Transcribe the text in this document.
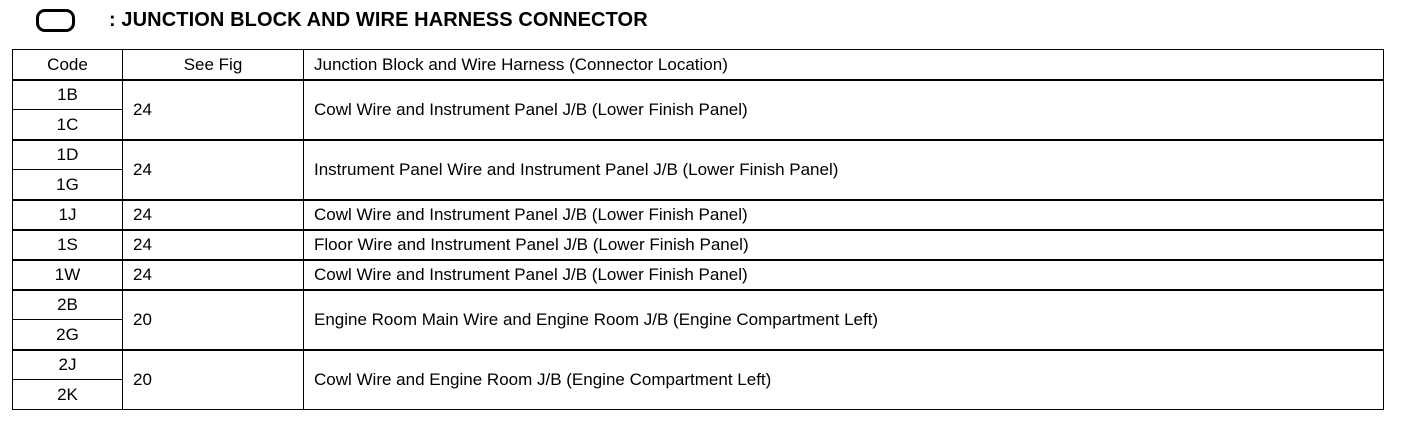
: JUNCTION BLOCK AND WIRE HARNESS CONNECTOR
Code	See Fig	Junction Block and Wire Harness (Connector Location)
1B	24	Cowl Wire and Instrument Panel J/B (Lower Finish Panel)
1C		
1D	24	Instrument Panel Wire and Instrument Panel J/B (Lower Finish Panel)
1G		
1J	24	Cowl Wire and Instrument Panel J/B (Lower Finish Panel)
1S	24	Floor Wire and Instrument Panel J/B (Lower Finish Panel)
1W	24	Cowl Wire and Instrument Panel J/B (Lower Finish Panel)
2B	20	Engine Room Main Wire and Engine Room J/B (Engine Compartment Left)
2G		
2J	20	Cowl Wire and Engine Room J/B (Engine Compartment Left)
2K		
